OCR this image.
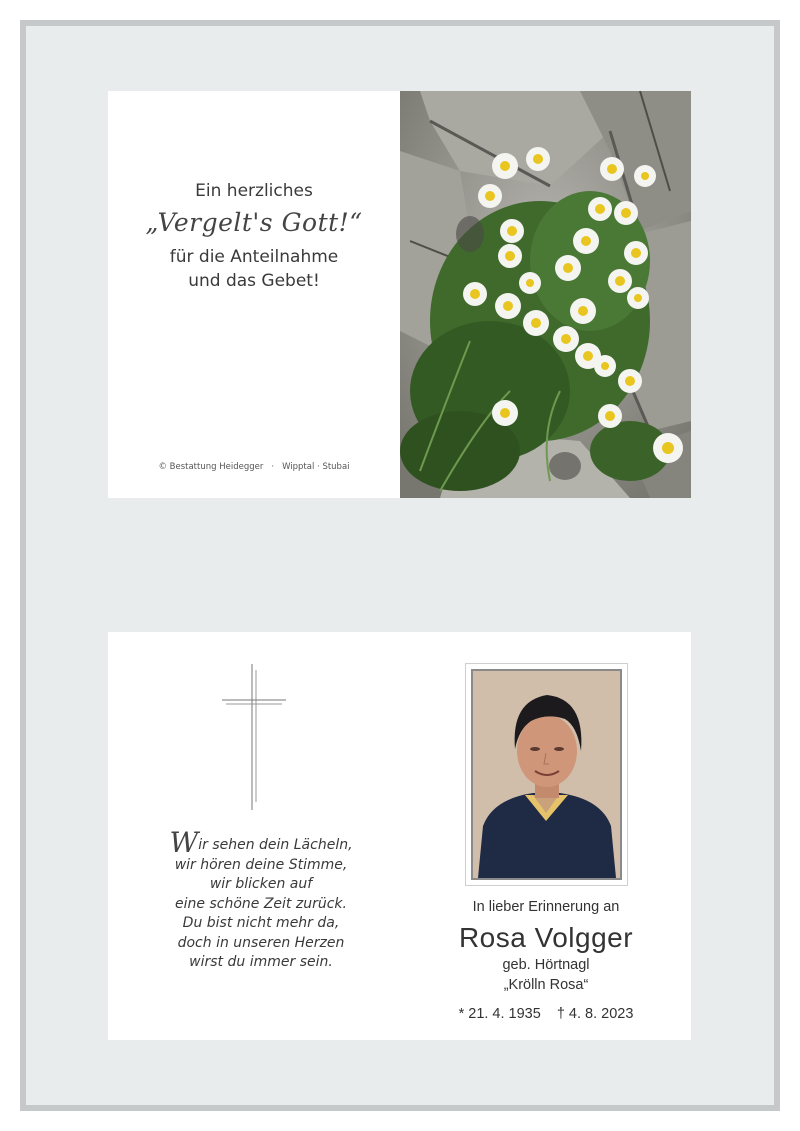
Ein herzliches
„Vergelt's Gott!“
für die Anteilnahme
und das Gebet!
© Bestattung Heidegger · Wipptal · Stubai
Wir sehen dein Lächeln,
wir hören deine Stimme,
wir blicken auf
eine schöne Zeit zurück.
Du bist nicht mehr da,
doch in unseren Herzen
wirst du immer sein.
In lieber Erinnerung an
Rosa Volgger
geb. Hörtnagl
„Krölln Rosa“
* 21. 4. 1935 † 4. 8. 2023
